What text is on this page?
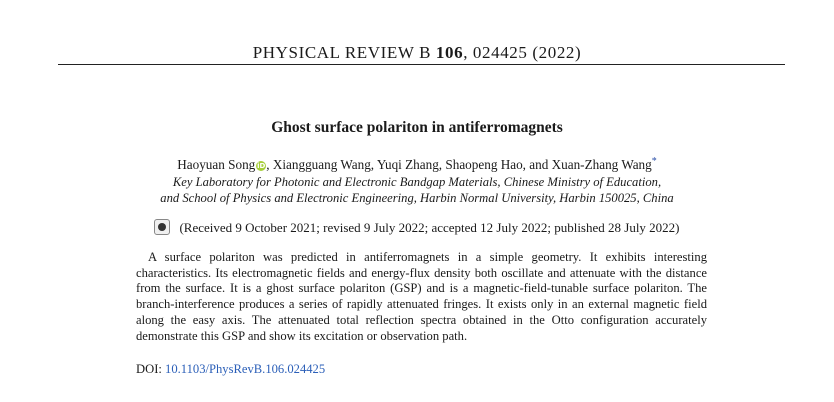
PHYSICAL REVIEW B 106, 024425 (2022)
Ghost surface polariton in antiferromagnets
Haoyuan Song iD, Xiangguang Wang, Yuqi Zhang, Shaopeng Hao, and Xuan-Zhang Wang*
Key Laboratory for Photonic and Electronic Bandgap Materials, Chinese Ministry of Education,
and School of Physics and Electronic Engineering, Harbin Normal University, Harbin 150025, China
(Received 9 October 2021; revised 9 July 2022; accepted 12 July 2022; published 28 July 2022)
A surface polariton was predicted in antiferromagnets in a simple geometry. It exhibits interesting characteristics. Its electromagnetic fields and energy-flux density both oscillate and attenuate with the distance from the surface. It is a ghost surface polariton (GSP) and is a magnetic-field-tunable surface polariton. The branch-interference produces a series of rapidly attenuated fringes. It exists only in an external magnetic field along the easy axis. The attenuated total reflection spectra obtained in the Otto configuration accurately demonstrate this GSP and show its excitation or observation path.
DOI: 10.1103/PhysRevB.106.024425
